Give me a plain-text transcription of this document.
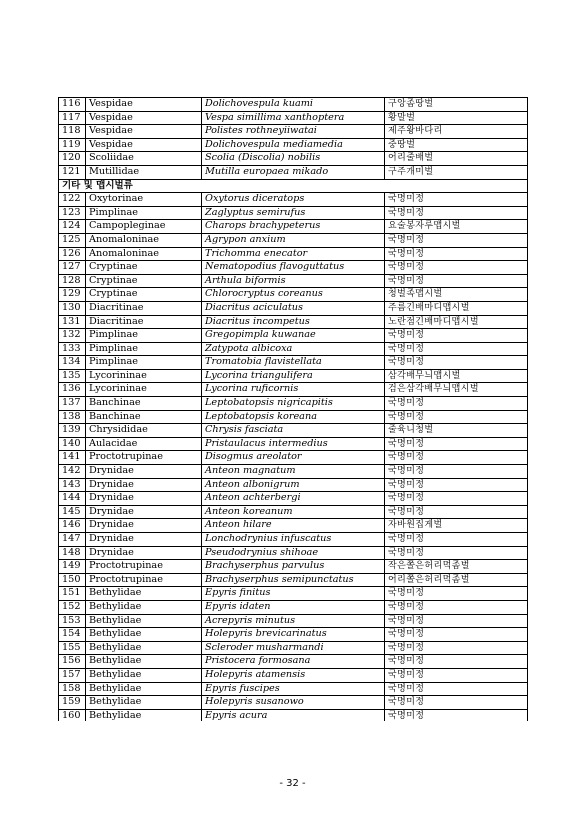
116	Vespidae	Dolichovespula kuami	구앙좀땅벌
117	Vespidae	Vespa simillima xanthoptera	황말벌
118	Vespidae	Polistes rothneyiiwatai	제주왕바다리
119	Vespidae	Dolichovespula mediamedia	중땅벌
120	Scoliidae	Scolia (Discolia) nobilis	어리줄배벌
121	Mutillidae	Mutilla europaea mikado	구주개미벌
기타 및 맵시벌류			
122	Oxytorinae	Oxytorus diceratops	국명미정
123	Pimplinae	Zaglyptus semirufus	국명미정
124	Campopleginae	Charops brachypeterus	요술봉자루맵시벌
125	Anomaloninae	Agrypon anxium	국명미정
126	Anomaloninae	Trichomma enecator	국명미정
127	Cryptinae	Nematopodius flavoguttatus	국명미정
128	Cryptinae	Arthula biformis	국명미정
129	Cryptinae	Chlorocryptus coreanus	청벌족맵시벌
130	Diacritinae	Diacritus aciculatus	주름긴배마디맵시벌
131	Diacritinae	Diacritus incompetus	노란점긴배마디맵시벌
132	Pimplinae	Gregopimpla kuwanae	국명미정
133	Pimplinae	Zatypota albicoxa	국명미정
134	Pimplinae	Tromatobia flavistellata	국명미정
135	Lycorininae	Lycorina triangulifera	삼각배무늬맵시벌
136	Lycorininae	Lycorina ruficornis	검은삼각배무늬맵시벌
137	Banchinae	Leptobatopsis nigricapitis	국명미정
138	Banchinae	Leptobatopsis koreana	국명미정
139	Chrysididae	Chrysis fasciata	줄육니청벌
140	Aulacidae	Pristaulacus intermedius	국명미정
141	Proctotrupinae	Disogmus areolator	국명미정
142	Drynidae	Anteon magnatum	국명미정
143	Drynidae	Anteon albonigrum	국명미정
144	Drynidae	Anteon achterbergi	국명미정
145	Drynidae	Anteon koreanum	국명미정
146	Drynidae	Anteon hilare	자바원집게벌
147	Drynidae	Lonchodrynius infuscatus	국명미정
148	Drynidae	Pseudodrynius shihoae	국명미정
149	Proctotrupinae	Brachyserphus parvulus	작은쫄은허리먹좀벌
150	Proctotrupinae	Brachyserphus semipunctatus	어리쫄은허리먹좀벌
151	Bethylidae	Epyris finitus	국명미정
152	Bethylidae	Epyris idaten	국명미정
153	Bethylidae	Acrepyris minutus	국명미정
154	Bethylidae	Holepyris brevicarinatus	국명미정
155	Bethylidae	Scleroder musharmandi	국명미정
156	Bethylidae	Pristocera formosana	국명미정
157	Bethylidae	Holepyris atamensis	국명미정
158	Bethylidae	Epyris fuscipes	국명미정
159	Bethylidae	Holepyris susanowo	국명미정
160	Bethylidae	Epyris acura	국명미정
- 32 -
